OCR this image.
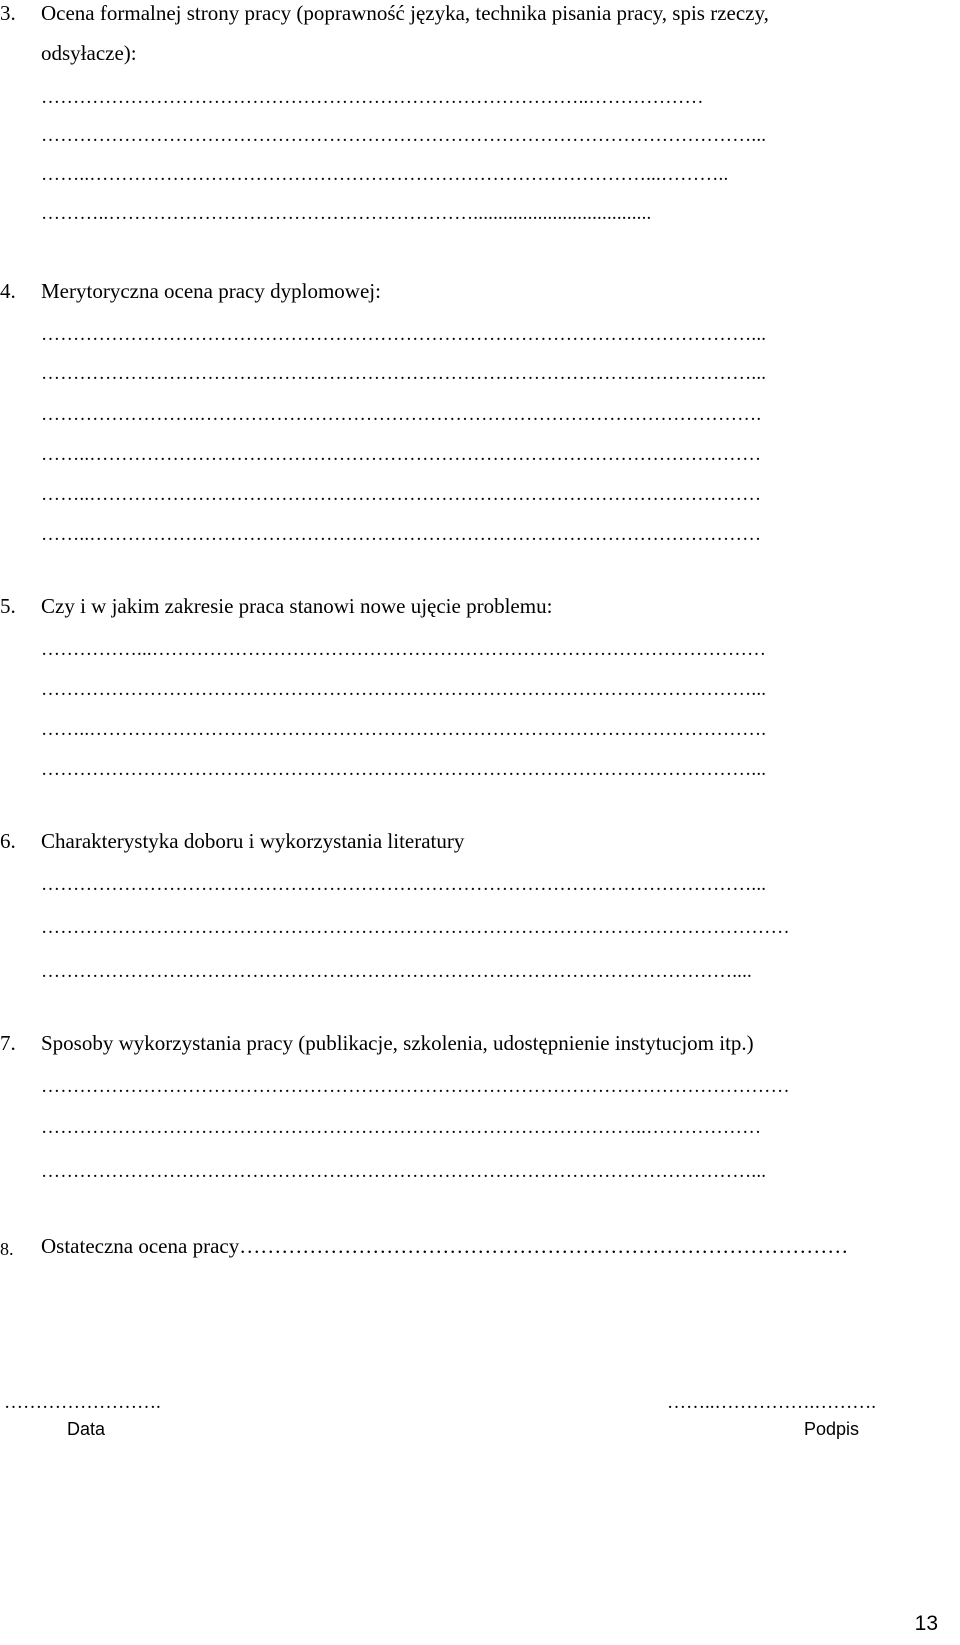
3. Ocena formalnej strony pracy (poprawność języka, technika pisania pracy, spis rzeczy,
odsyłacze):
…………………………………………………………………………..………………
…………………………………………………………………………………………………...
……..……………………………………………………………………………...………..
………..…………………………………………………....................................
4. Merytoryczna ocena pracy dyplomowej:
…………………………………………………………………………………………………...
…………………………………………………………………………………………………...
…………………….…………………………………………………………………………….
……..……………………………………………………………………………………………
……..……………………………………………………………………………………………
……..……………………………………………………………………………………………
5. Czy i w jakim zakresie praca stanowi nowe ujęcie problemu:
……………...……………………………………………………………………………………
…………………………………………………………………………………………………...
……..…………………………………………………………………………………………….
…………………………………………………………………………………………………...
6. Charakterystyka doboru i wykorzystania literatury
…………………………………………………………………………………………………...
………………………………………………………………………………………………………
………………………………………………………………………………………………....
7. Sposoby wykorzystania pracy (publikacje, szkolenia, udostępnienie instytucjom itp.)
………………………………………………………………………………………………………
…………………………………………………………………………………..………………
…………………………………………………………………………………………………...
8. Ostateczna ocena pracy……………………………………………………………………………
…………………….
Data
……..…………….……….
Podpis
13
